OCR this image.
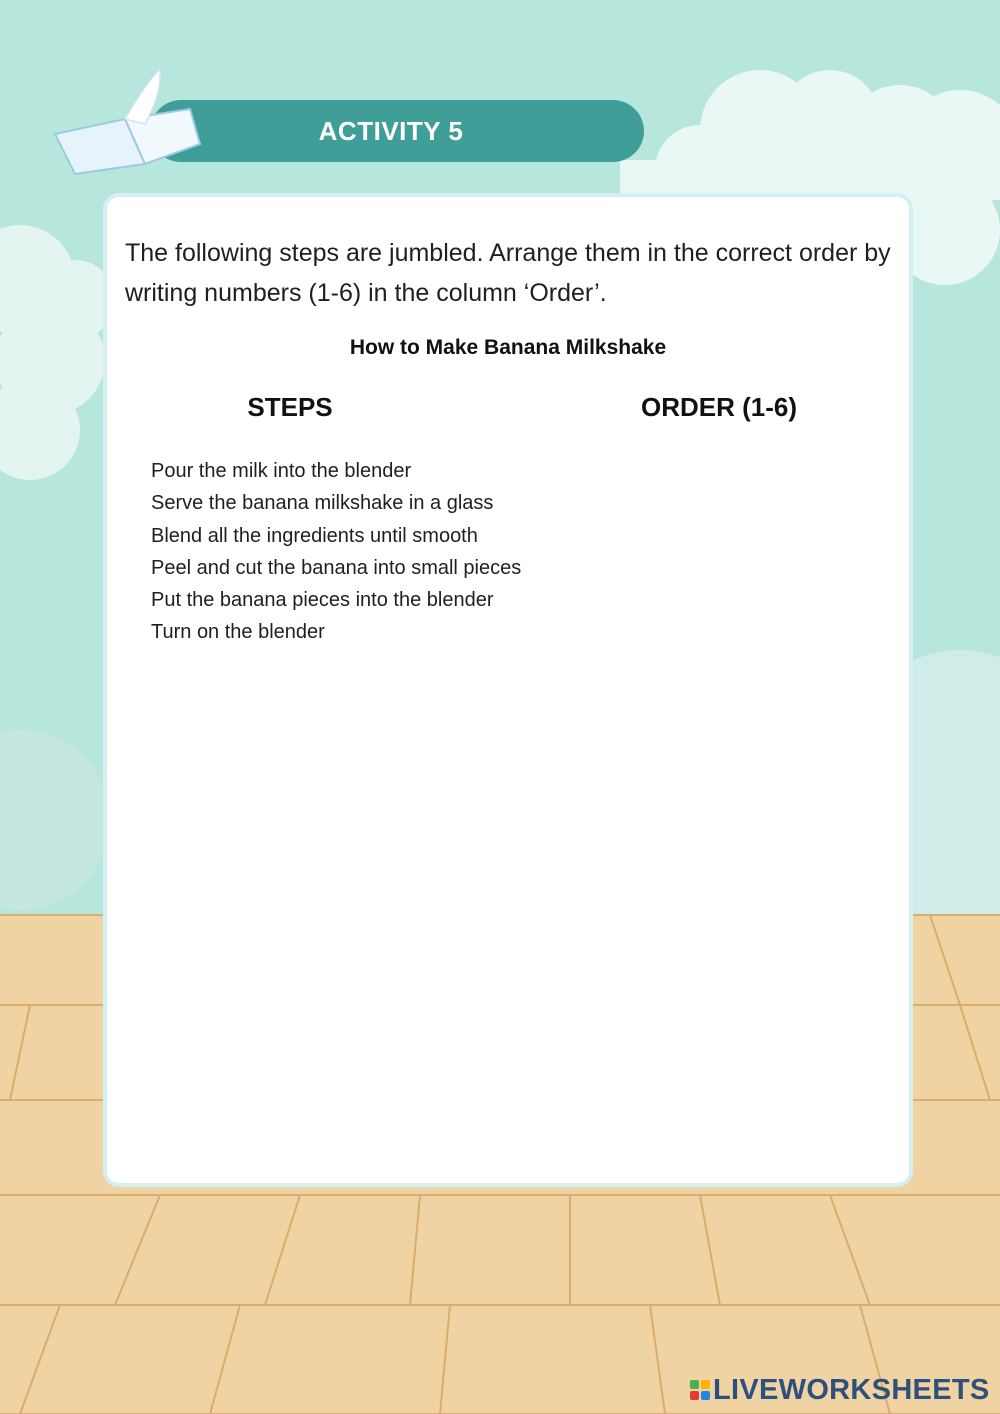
ACTIVITY 5

The following steps are jumbled. Arrange them in the correct order by writing numbers (1-6) in the column ‘Order’.

How to Make Banana Milkshake
STEPS	ORDER (1-6)
Pour the milk into the blender
Serve the banana milkshake in a glass
Blend all the ingredients until smooth
Peel and cut the banana into small pieces
Put the banana pieces into the blender
Turn on the blender
LIVEWORKSHEETS
